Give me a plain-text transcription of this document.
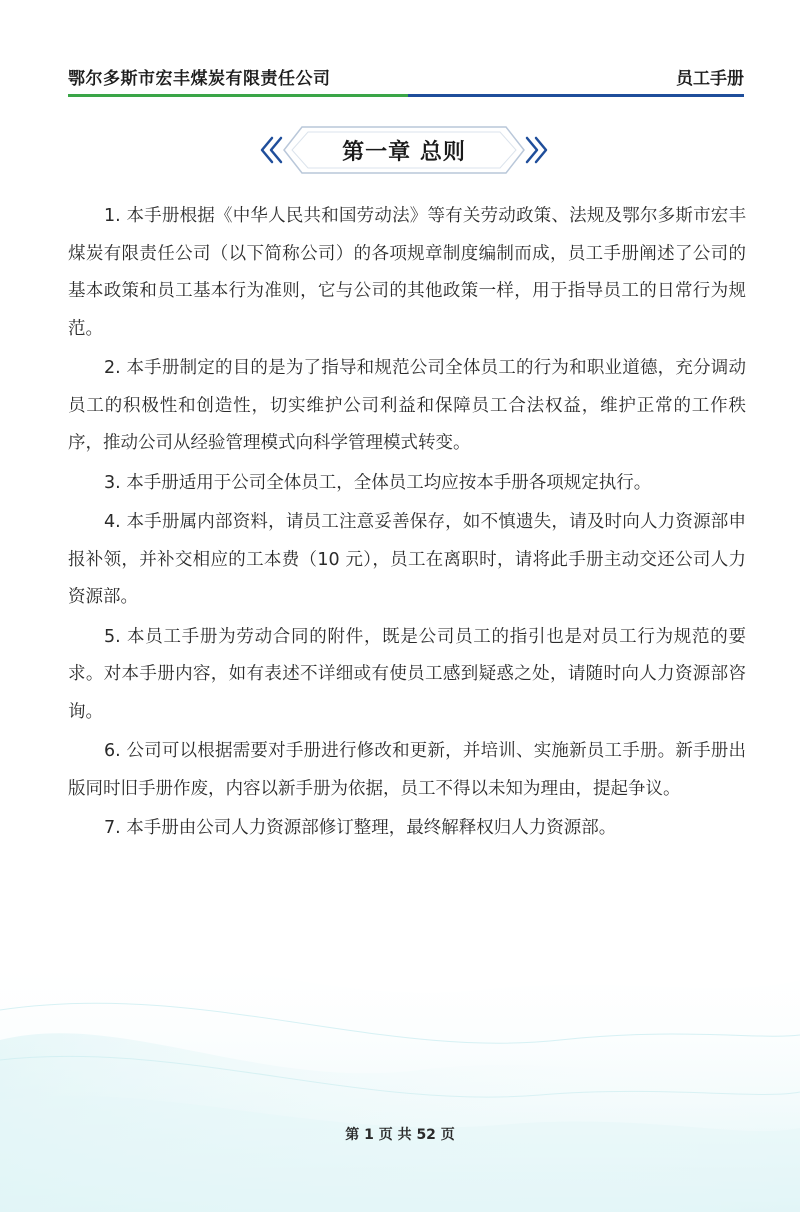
鄂尔多斯市宏丰煤炭有限责任公司	员工手册
第一章 总则

1. 本手册根据《中华人民共和国劳动法》等有关劳动政策、法规及鄂尔多斯市宏丰煤炭有限责任公司（以下简称公司）的各项规章制度编制而成，员工手册阐述了公司的基本政策和员工基本行为准则，它与公司的其他政策一样，用于指导员工的日常行为规范。

2. 本手册制定的目的是为了指导和规范公司全体员工的行为和职业道德，充分调动员工的积极性和创造性，切实维护公司利益和保障员工合法权益，维护正常的工作秩序，推动公司从经验管理模式向科学管理模式转变。

3. 本手册适用于公司全体员工，全体员工均应按本手册各项规定执行。

4. 本手册属内部资料，请员工注意妥善保存，如不慎遗失，请及时向人力资源部申报补领，并补交相应的工本费（10 元），员工在离职时，请将此手册主动交还公司人力资源部。

5. 本员工手册为劳动合同的附件，既是公司员工的指引也是对员工行为规范的要求。对本手册内容，如有表述不详细或有使员工感到疑惑之处，请随时向人力资源部咨询。

6. 公司可以根据需要对手册进行修改和更新，并培训、实施新员工手册。新手册出版同时旧手册作废，内容以新手册为依据，员工不得以未知为理由，提起争议。

7. 本手册由公司人力资源部修订整理，最终解释权归人力资源部。

第 1 页 共 52 页
